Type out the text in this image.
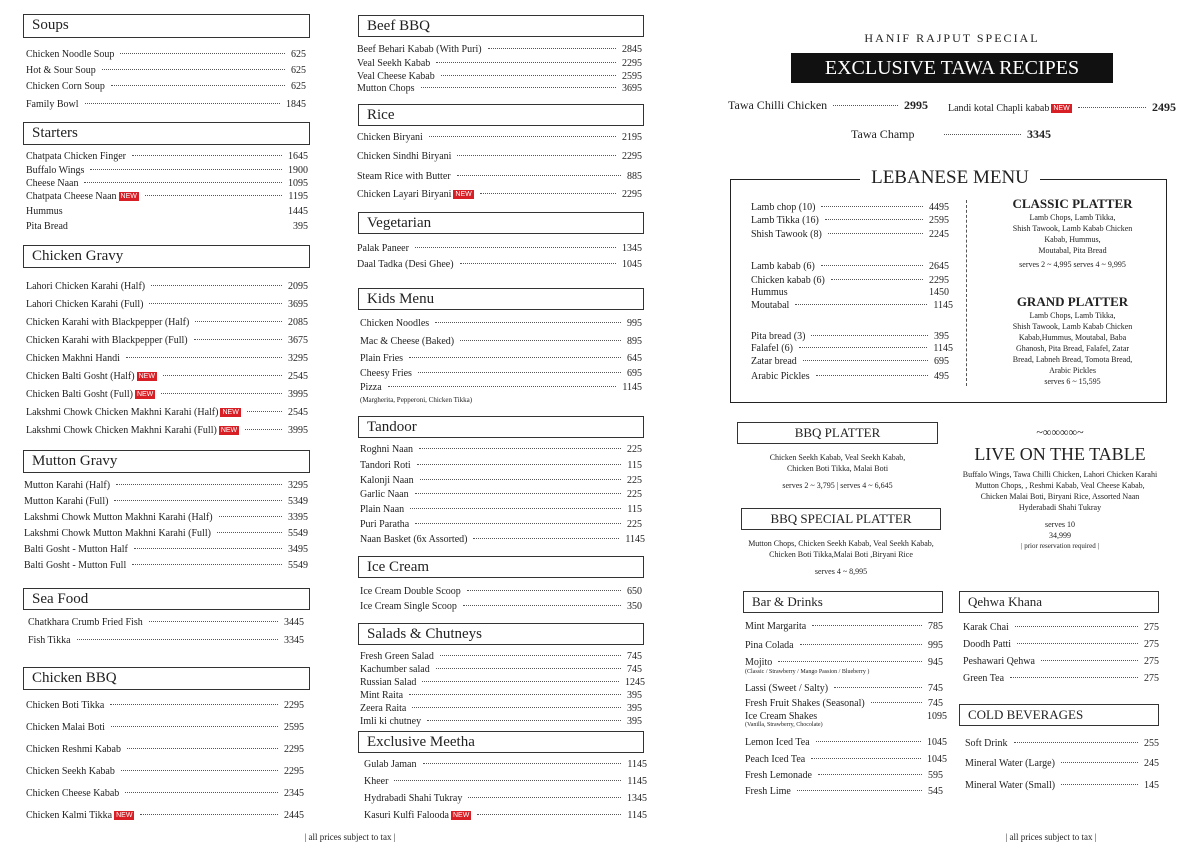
Soups
Chicken Noodle Soup	625
Hot & Sour Soup	625
Chicken Corn Soup	625
Family Bowl	1845
Starters
Chatpata Chicken Finger	1645
Buffalo Wings	1900
Cheese Naan	1095
Chatpata Cheese Naan NEW	1195
Hummus	1445
Pita Bread	395
Chicken Gravy
Lahori Chicken Karahi (Half)	2095
Lahori Chicken Karahi (Full)	3695
Chicken Karahi with Blackpepper (Half)	2085
Chicken Karahi with Blackpepper (Full)	3675
Chicken Makhni Handi	3295
Chicken Balti Gosht (Half) NEW	2545
Chicken Balti Gosht (Full) NEW	3995
Lakshmi Chowk Chicken Makhni Karahi (Half) NEW	2545
Lakshmi Chowk Chicken Makhni Karahi (Full) NEW	3995
Mutton Gravy
Mutton Karahi (Half)	3295
Mutton Karahi (Full)	5349
Lakshmi Chowk Mutton Makhni Karahi (Half)	3395
Lakshmi Chowk Mutton Makhni Karahi (Full)	5549
Balti Gosht - Mutton Half	3495
Balti Gosht - Mutton Full	5549
Sea Food
Chatkhara Crumb Fried Fish	3445
Fish Tikka	3345
Chicken BBQ
Chicken Boti Tikka	2295
Chicken Malai Boti	2595
Chicken Reshmi Kabab	2295
Chicken Seekh Kabab	2295
Chicken Cheese Kabab	2345
Chicken Kalmi Tikka NEW	2445
Beef BBQ
Beef Behari Kabab (With Puri)	2845
Veal Seekh Kabab	2295
Veal Cheese Kabab	2595
Mutton Chops	3695
Rice
Chicken Biryani	2195
Chicken Sindhi Biryani	2295
Steam Rice with Butter	885
Chicken Layari Biryani NEW	2295
Vegetarian
Palak Paneer	1345
Daal Tadka (Desi Ghee)	1045
Kids Menu
Chicken Noodles	995
Mac & Cheese (Baked)	895
Plain Fries	645
Cheesy Fries	695
Pizza	1145
(Margherita, Pepperoni, Chicken Tikka)
Tandoor
Roghni Naan	225
Tandori Roti	115
Kalonji Naan	225
Garlic Naan	225
Plain Naan	115
Puri Paratha	225
Naan Basket (6x Assorted)	1145
Ice Cream
Ice Cream Double Scoop	650
Ice Cream Single Scoop	350
Salads & Chutneys
Fresh Green Salad	745
Kachumber salad	745
Russian Salad	1245
Mint Raita	395
Zeera Raita	395
Imli ki chutney	395
Exclusive Meetha
Gulab Jaman	1145
Kheer	1145
Hydrabadi Shahi Tukray	1345
Kasuri Kulfi Falooda NEW	1145
| all prices subject to tax |
HANIF RAJPUT SPECIAL
EXCLUSIVE TAWA RECIPES
Tawa Chilli Chicken	2995 Landi kotal Chapli kabab NEW	2495
Tawa Champ	3345
LEBANESE MENU
Lamb chop (10)	4495
Lamb Tikka (16)	2595
Shish Tawook (8)	2245
Lamb kabab (6)	2645
Chicken kabab (6)	2295
Hummus	1450
Moutabal	1145
Pita bread (3)	395
Falafel (6)	1145
Zatar bread	695
Arabic Pickles	495
CLASSIC PLATTER
Lamb Chops, Lamb Tikka,
Shish Tawook, Lamb Kabab Chicken
Kabab, Hummus,
Moutabal, Pita Bread
serves 2 ~ 4,995 serves 4 ~ 9,995
GRAND PLATTER
Lamb Chops, Lamb Tikka,
Shish Tawook, Lamb Kabab Chicken
Kabab,Hummus, Moutabal, Baba
Ghanosh, Pita Bread, Falafel, Zatar
Bread, Labneh Bread, Tomota Bread,
Arabic Pickles
serves 6 ~ 15,595
BBQ PLATTER
Chicken Seekh Kabab, Veal Seekh Kabab,
Chicken Boti Tikka, Malai Boti
serves 2 ~ 3,795 | serves 4 ~ 6,645
BBQ SPECIAL PLATTER
Mutton Chops, Chicken Seekh Kabab, Veal Seekh Kabab,
Chicken Boti Tikka,Malai Boti ,Biryani Rice
serves 4 ~ 8,995
~∞∞∞∞~
LIVE ON THE TABLE
Buffalo Wings, Tawa Chilli Chicken, Lahori Chicken Karahi
Mutton Chops, , Reshmi Kabab, Veal Cheese Kabab,
Chicken Malai Boti, Biryani Rice, Assorted Naan
Hyderabadi Shahi Tukray
serves 10
34,999
| prior reservation required |
Bar & Drinks
Mint Margarita	785
Pina Colada	995
Mojito	945
(Classic / Strawberry / Mango Passion / Blueberry )
Lassi (Sweet / Salty)	745
Fresh Fruit Shakes (Seasonal)	745
Ice Cream Shakes	1095
(Vanilla, Strawberry, Chocolate)
Lemon Iced Tea	1045
Peach Iced Tea	1045
Fresh Lemonade	595
Fresh Lime	545
Qehwa Khana
Karak Chai	275
Doodh Patti	275
Peshawari Qehwa	275
Green Tea	275
COLD BEVERAGES
Soft Drink	255
Mineral Water (Large)	245
Mineral Water (Small)	145
| all prices subject to tax |
